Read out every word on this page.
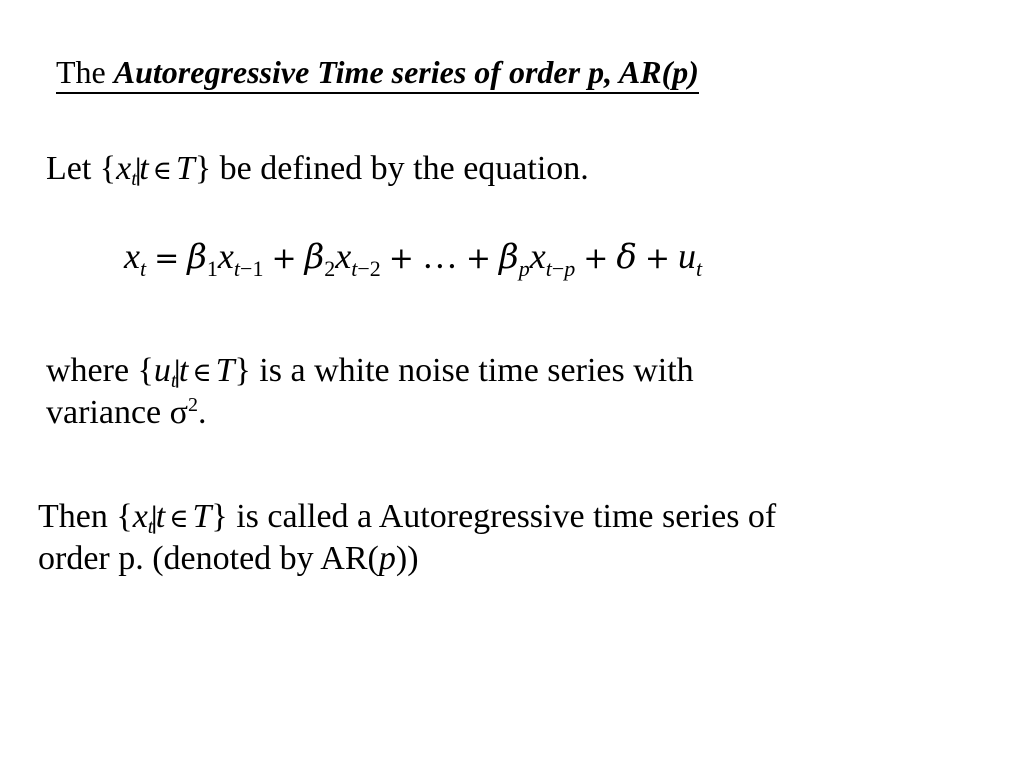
The Autoregressive Time series of order p, AR(p)
Let {$x_t|t$ ∈ T} be defined by the equation.
$x_t = \beta_1x_{t-1} + \beta_2x_{t-2}$ + … + $\beta_px_{t-p} + \delta + u_t$
where {$u_t|t$ ∈ T} is a white noise time series with
variance $\sigma^2$.
Then {$x_t|t$ ∈ T} is called a Autoregressive time series of
order p. (denoted by AR(p))
